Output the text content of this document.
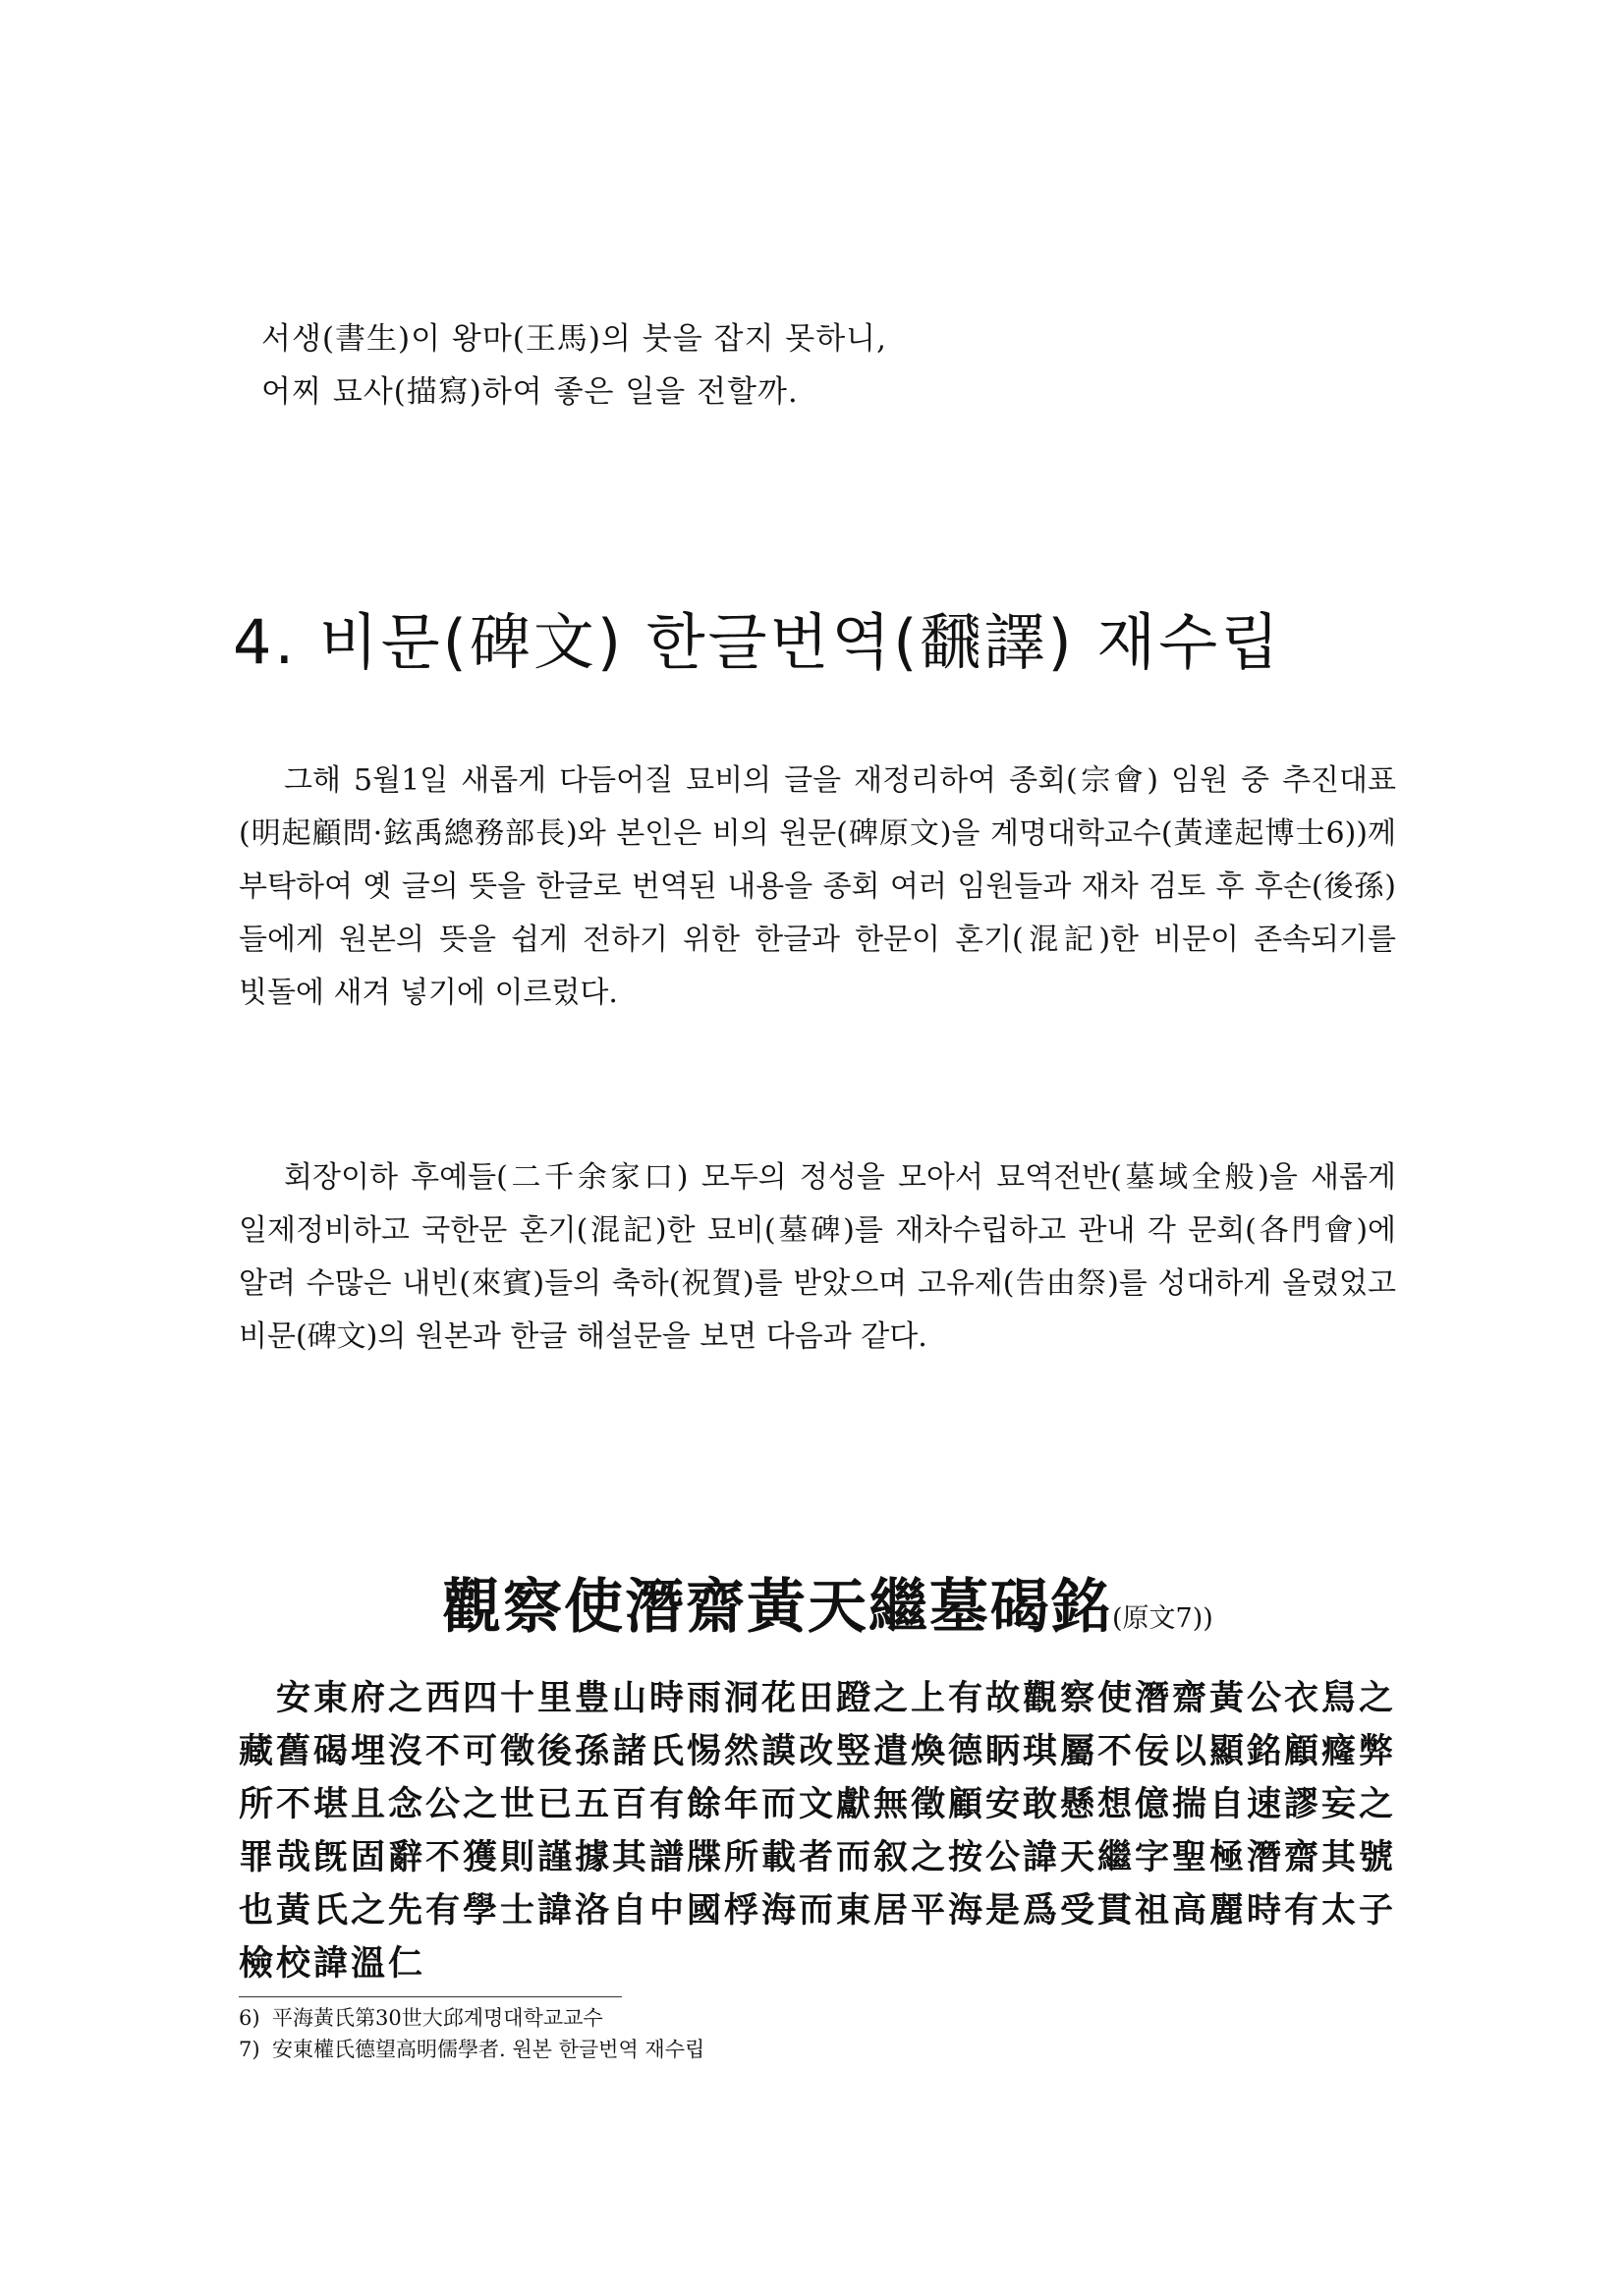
서생(書生)이 왕마(王馬)의 붓을 잡지 못하니,
어찌 묘사(描寫)하여 좋은 일을 전할까.
4. 비문(碑文) 한글번역(飜譯) 재수립

그해 5월1일 새롭게 다듬어질 묘비의 글을 재정리하여 종회(宗會) 임원 중 추진대표(明起顧問·鉉禹總務部長)와 본인은 비의 원문(碑原文)을 계명대학교수(黃達起博士6))께 부탁하여 옛 글의 뜻을 한글로 번역된 내용을 종회 여러 임원들과 재차 검토 후 후손(後孫)들에게 원본의 뜻을 쉽게 전하기 위한 한글과 한문이 혼기(混記)한 비문이 존속되기를 빗돌에 새겨 넣기에 이르렀다.

회장이하 후예들(二千余家口) 모두의 정성을 모아서 묘역전반(墓域全般)을 새롭게 일제정비하고 국한문 혼기(混記)한 묘비(墓碑)를 재차수립하고 관내 각 문회(各門會)에 알려 수많은 내빈(來賓)들의 축하(祝賀)를 받았으며 고유제(告由祭)를 성대하게 올렸었고 비문(碑文)의 원본과 한글 해설문을 보면 다음과 같다.

觀察使潛齋黃天繼墓碣銘(原文7))

安東府之西四十里豊山時雨洞花田蹬之上有故觀察使潛齋黃公衣舃之藏舊碣埋沒不可徵後孫諸氏惕然謨改竪遣煥德眪琪屬不佞以顯銘顧癃弊所不堪且念公之世已五百有餘年而文獻無徵顧安敢懸想億揣自速謬妄之罪哉旣固辭不獲則謹據其譜牒所載者而叙之按公諱天繼字聖極潛齋其號也黃氏之先有學士諱洛自中國桴海而東居平海是爲受貫祖高麗時有太子檢校諱溫仁

6) 平海黃氏第30世大邱계명대학교교수
7) 安東權氏德望高明儒學者. 원본 한글번역 재수립
